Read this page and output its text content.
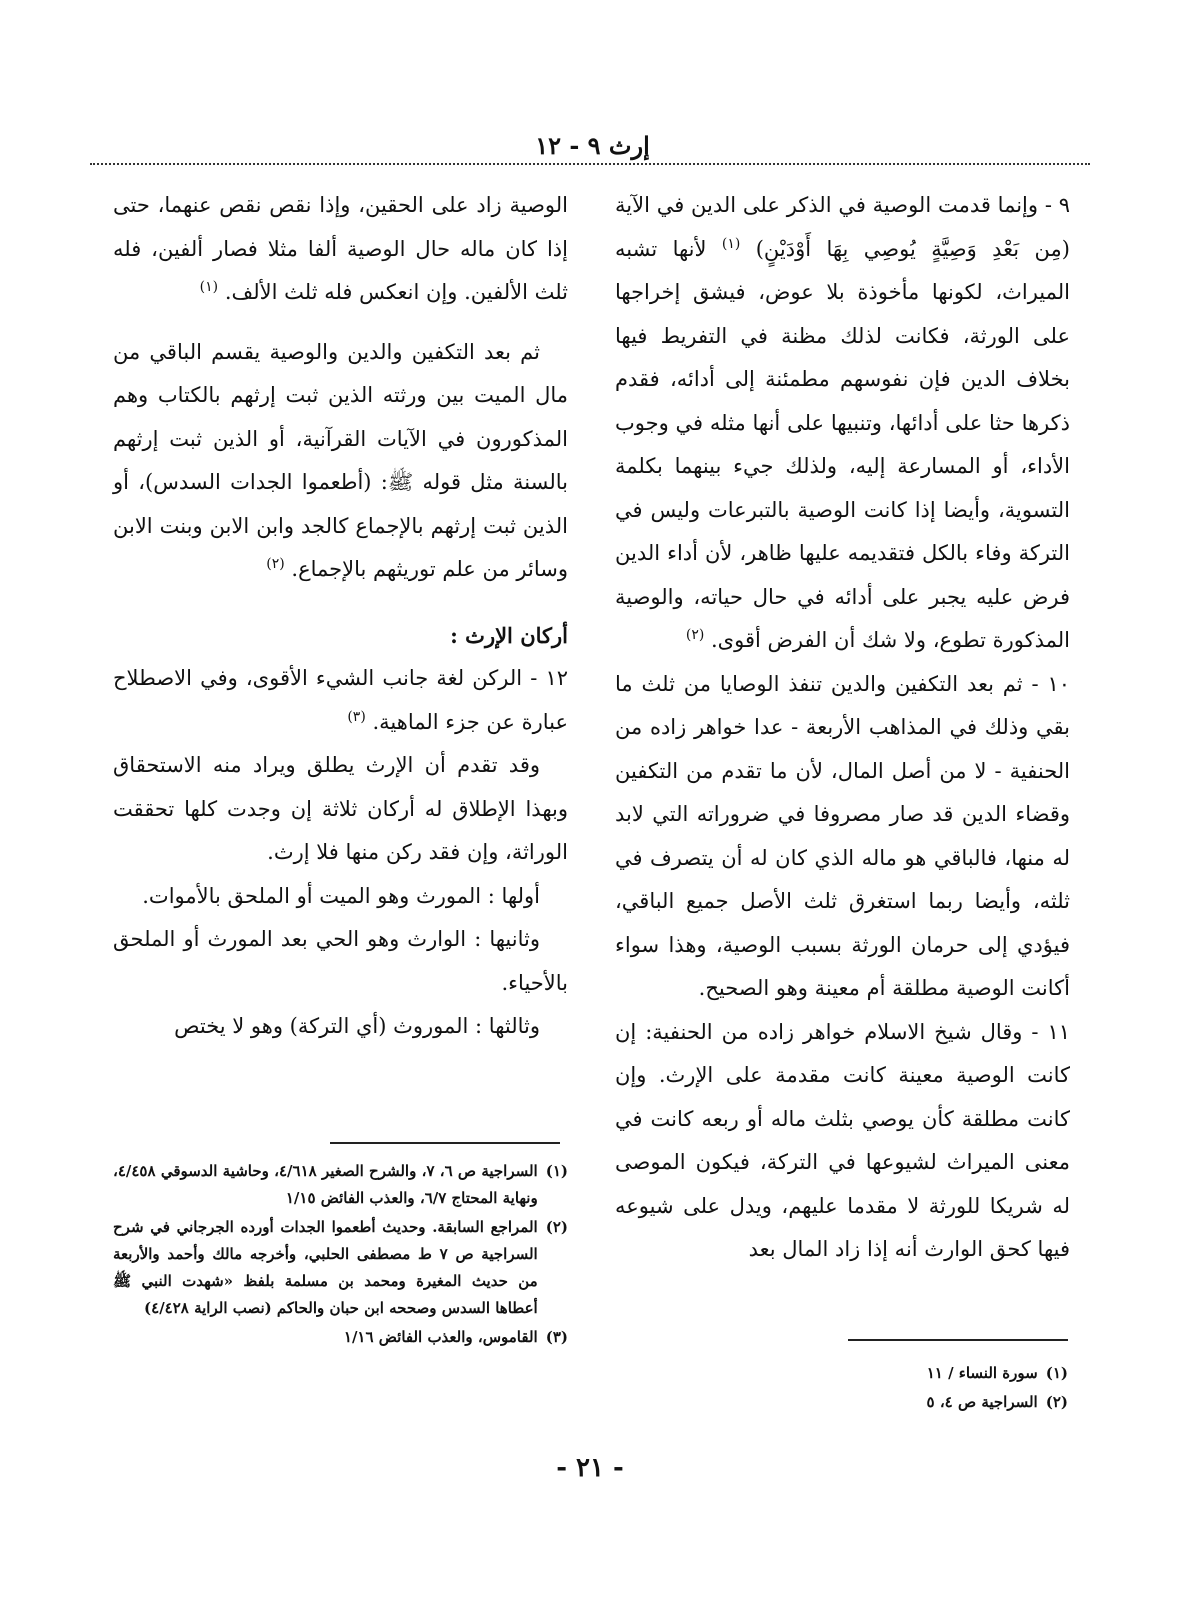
إرث ٩ - ١٢

٩ - وإنما قدمت الوصية في الذكر على الدين في الآية (مِن بَعْدِ وَصِيَّةٍ يُوصِي بِهَا أَوْدَيْنٍ) $^{(١)}$ لأنها تشبه الميراث، لكونها مأخوذة بلا عوض، فيشق إخراجها على الورثة، فكانت لذلك مظنة في التفريط فيها بخلاف الدين فإن نفوسهم مطمئنة إلى أدائه، فقدم ذكرها حثا على أدائها، وتنبيها على أنها مثله في وجوب الأداء، أو المسارعة إليه، ولذلك جيء بينهما بكلمة التسوية، وأيضا إذا كانت الوصية بالتبرعات وليس في التركة وفاء بالكل فتقديمه عليها ظاهر، لأن أداء الدين فرض عليه يجبر على أدائه في حال حياته، والوصية المذكورة تطوع، ولا شك أن الفرض أقوى. $^{(٢)}$

١٠ - ثم بعد التكفين والدين تنفذ الوصايا من ثلث ما بقي وذلك في المذاهب الأربعة - عدا خواهر زاده من الحنفية - لا من أصل المال، لأن ما تقدم من التكفين وقضاء الدين قد صار مصروفا في ضروراته التي لابد له منها، فالباقي هو ماله الذي كان له أن يتصرف في ثلثه، وأيضا ربما استغرق ثلث الأصل جميع الباقي، فيؤدي إلى حرمان الورثة بسبب الوصية، وهذا سواء أكانت الوصية مطلقة أم معينة وهو الصحيح.

١١ - وقال شيخ الاسلام خواهر زاده من الحنفية: إن كانت الوصية معينة كانت مقدمة على الإرث. وإن كانت مطلقة كأن يوصي بثلث ماله أو ربعه كانت في معنى الميراث لشيوعها في التركة، فيكون الموصى له شريكا للورثة لا مقدما عليهم، ويدل على شيوعه فيها كحق الوارث أنه إذا زاد المال بعد

الوصية زاد على الحقين، وإذا نقص نقص عنهما، حتى إذا كان ماله حال الوصية ألفا مثلا فصار ألفين، فله ثلث الألفين. وإن انعكس فله ثلث الألف. $^{(١)}$

ثم بعد التكفين والدين والوصية يقسم الباقي من مال الميت بين ورثته الذين ثبت إرثهم بالكتاب وهم المذكورون في الآيات القرآنية، أو الذين ثبت إرثهم بالسنة مثل قوله ﷺ: (أطعموا الجدات السدس)، أو الذين ثبت إرثهم بالإجماع كالجد وابن الابن وبنت الابن وسائر من علم توريثهم بالإجماع. $^{(٢)}$

أركان الإرث :

١٢ - الركن لغة جانب الشيء الأقوى، وفي الاصطلاح عبارة عن جزء الماهية. $^{(٣)}$

وقد تقدم أن الإرث يطلق ويراد منه الاستحقاق وبهذا الإطلاق له أركان ثلاثة إن وجدت كلها تحققت الوراثة، وإن فقد ركن منها فلا إرث.

أولها : المورث وهو الميت أو الملحق بالأموات.

وثانيها : الوارث وهو الحي بعد المورث أو الملحق بالأحياء.

وثالثها : الموروث (أي التركة) وهو لا يختص

(١)
السراجية ص ٦، ٧، والشرح الصغير ٤/٦١٨، وحاشية الدسوقي ٤/٤٥٨، ونهاية المحتاج ٦/٧، والعذب الفائض ١/١٥
(٢)
المراجع السابقة. وحديث أطعموا الجدات أورده الجرجاني في شرح السراجية ص ٧ ط مصطفى الحلبي، وأخرجه مالك وأحمد والأربعة من حديث المغيرة ومحمد بن مسلمة بلفظ «شهدت النبي ﷺ أعطاها السدس وصححه ابن حبان والحاكم (نصب الراية ٤/٤٢٨)
(٣)
القاموس، والعذب الفائض ١/١٦
(١)
سورة النساء / ١١
(٢)
السراجية ص ٤، ٥
- ٢١ -
